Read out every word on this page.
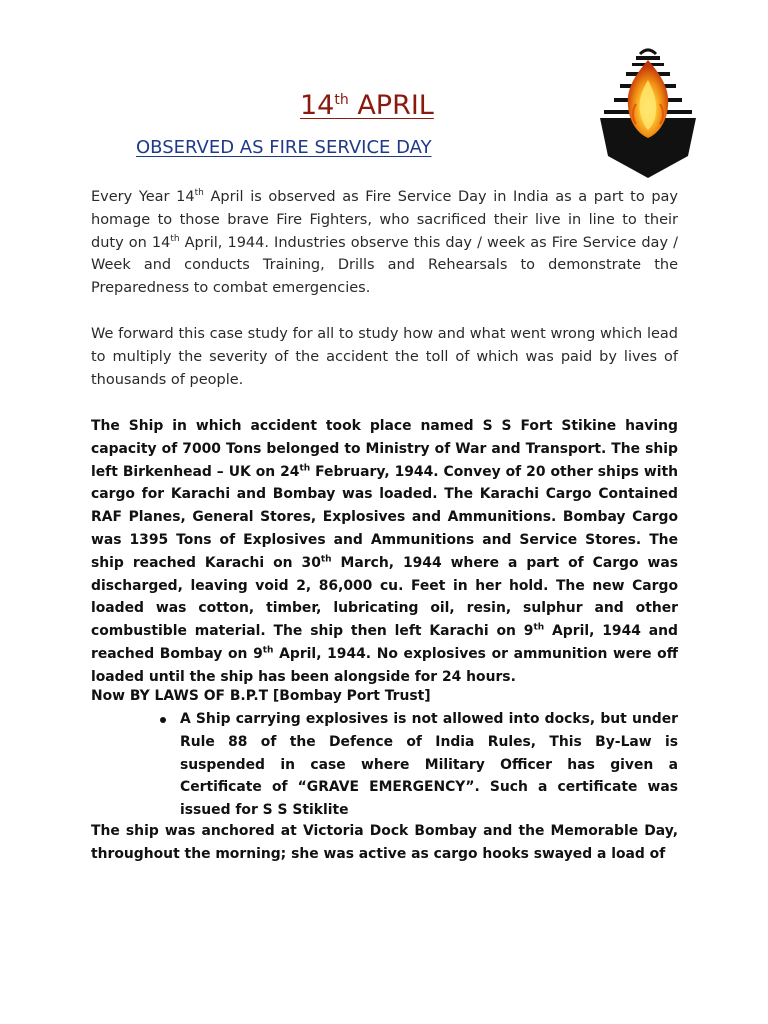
14th APRIL
OBSERVED AS FIRE SERVICE DAY

Every Year 14th April is observed as Fire Service Day in India as a part to pay homage to those brave Fire Fighters, who sacrificed their live in line to their duty on 14th April, 1944. Industries observe this day / week as Fire Service day / Week and conducts Training, Drills and Rehearsals to demonstrate the Preparedness to combat emergencies.

We forward this case study for all to study how and what went wrong which lead to multiply the severity of the accident the toll of which was paid by lives of thousands of people.

The Ship in which accident took place named S S Fort Stikine having capacity of 7000 Tons belonged to Ministry of War and Transport. The ship left Birkenhead – UK on 24th February, 1944. Convey of 20 other ships with cargo for Karachi and Bombay was loaded. The Karachi Cargo Contained RAF Planes, General Stores, Explosives and Ammunitions. Bombay Cargo was 1395 Tons of Explosives and Ammunitions and Service Stores. The ship reached Karachi on 30th March, 1944 where a part of Cargo was discharged, leaving void 2, 86,000 cu. Feet in her hold. The new Cargo loaded was cotton, timber, lubricating oil, resin, sulphur and other combustible material. The ship then left Karachi on 9th April, 1944 and reached Bombay on 9th April, 1944. No explosives or ammunition were off loaded until the ship has been alongside for 24 hours.

Now BY LAWS OF B.P.T [Bombay Port Trust]

A Ship carrying explosives is not allowed into docks, but under Rule 88 of the Defence of India Rules, This By-Law is suspended in case where Military Officer has given a Certificate of “GRAVE EMERGENCY”. Such a certificate was issued for S S Stiklite

The ship was anchored at Victoria Dock Bombay and the Memorable Day, throughout the morning; she was active as cargo hooks swayed a load of
